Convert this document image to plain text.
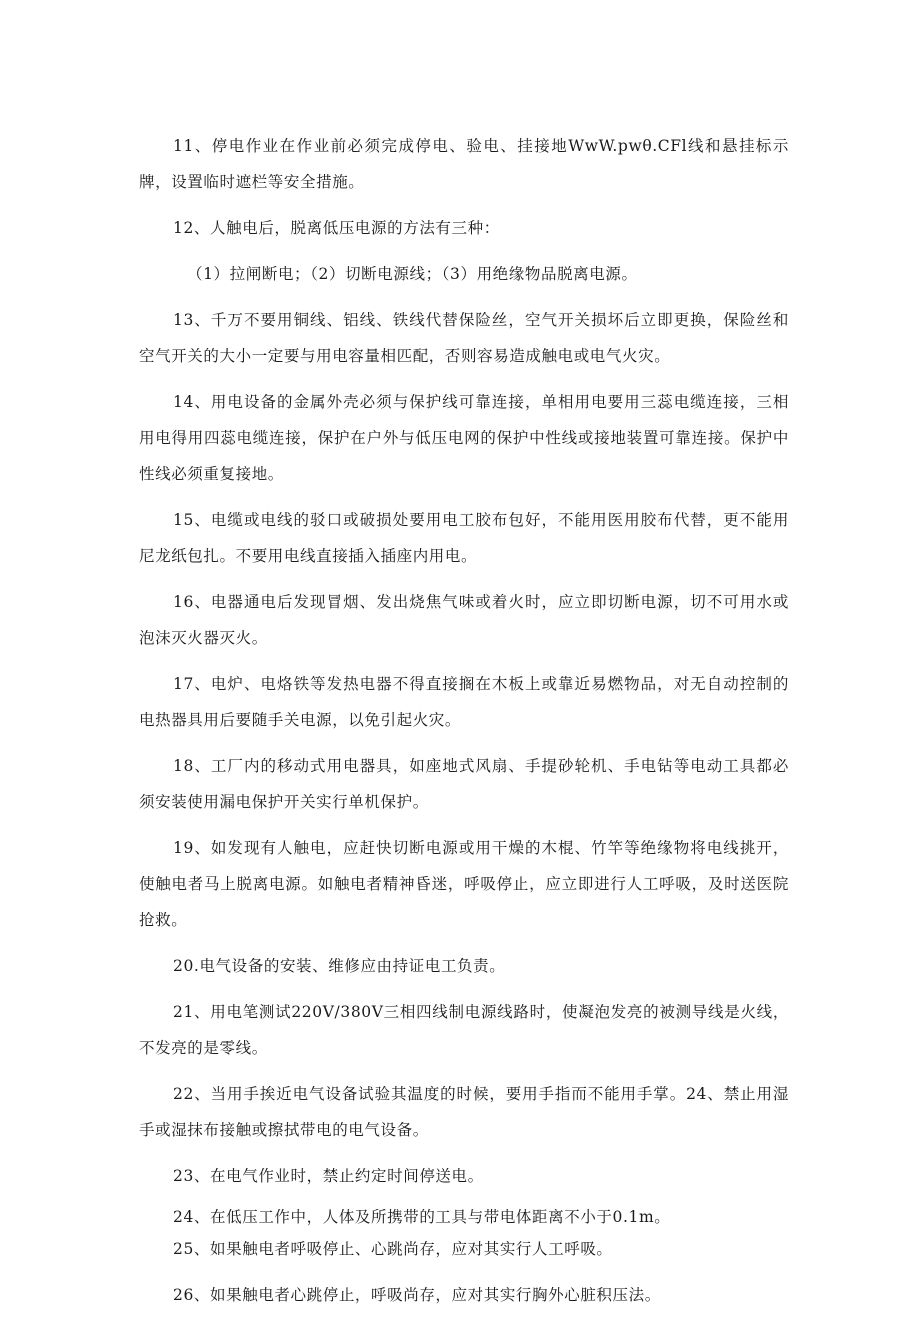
11、停电作业在作业前必须完成停电、验电、挂接地WwW.pwθ.CFl线和悬挂标示牌，设置临时遮栏等安全措施。

12、人触电后，脱离低压电源的方法有三种：

（1）拉闸断电；（2）切断电源线；（3）用绝缘物品脱离电源。

13、千万不要用铜线、铝线、铁线代替保险丝，空气开关损坏后立即更换，保险丝和空气开关的大小一定要与用电容量相匹配，否则容易造成触电或电气火灾。

14、用电设备的金属外壳必须与保护线可靠连接，单相用电要用三蕊电缆连接，三相用电得用四蕊电缆连接，保护在户外与低压电网的保护中性线或接地装置可靠连接。保护中性线必须重复接地。

15、电缆或电线的驳口或破损处要用电工胶布包好，不能用医用胶布代替，更不能用尼龙纸包扎。不要用电线直接插入插座内用电。

16、电器通电后发现冒烟、发出烧焦气味或着火时，应立即切断电源，切不可用水或泡沫灭火器灭火。

17、电炉、电烙铁等发热电器不得直接搁在木板上或靠近易燃物品，对无自动控制的电热器具用后要随手关电源，以免引起火灾。

18、工厂内的移动式用电器具，如座地式风扇、手提砂轮机、手电钻等电动工具都必须安装使用漏电保护开关实行单机保护。

19、如发现有人触电，应赶快切断电源或用干燥的木棍、竹竿等绝缘物将电线挑开，使触电者马上脱离电源。如触电者精神昏迷，呼吸停止，应立即进行人工呼吸，及时送医院抢救。

20.电气设备的安装、维修应由持证电工负责。

21、用电笔测试220V/380V三相四线制电源线路时，使凝泡发亮的被测导线是火线，不发亮的是零线。

22、当用手挨近电气设备试验其温度的时候，要用手指而不能用手掌。24、禁止用湿手或湿抹布接触或擦拭带电的电气设备。

23、在电气作业时，禁止约定时间停送电。

24、在低压工作中，人体及所携带的工具与带电体距离不小于0.1m。

25、如果触电者呼吸停止、心跳尚存，应对其实行人工呼吸。

26、如果触电者心跳停止，呼吸尚存，应对其实行胸外心脏积压法。
